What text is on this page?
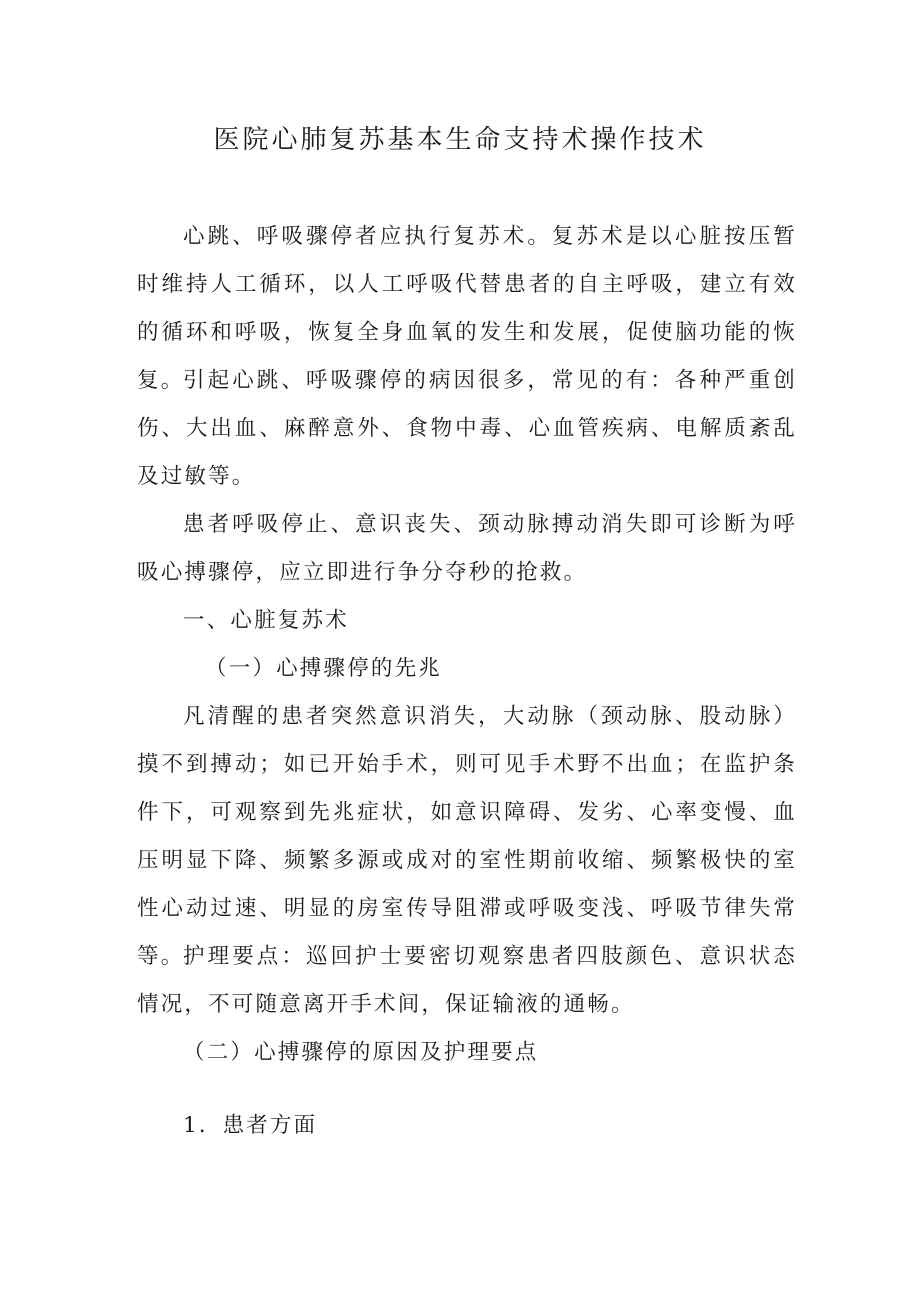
医院心肺复苏基本生命支持术操作技术
心跳、呼吸骤停者应执行复苏术。复苏术是以心脏按压暂时维持人工循环，以人工呼吸代替患者的自主呼吸，建立有效的循环和呼吸，恢复全身血氧的发生和发展，促使脑功能的恢复。
引起心跳、呼吸骤停的病因很多，常见的有：各种严重创伤、大出血、麻醉意外、食物中毒、心血管疾病、电解质紊乱及过敏等。
患者呼吸停止、意识丧失、颈动脉搏动消失即可诊断为呼吸心搏骤停，应立即进行争分夺秒的抢救。
一、心脏复苏术
（一）心搏骤停的先兆
凡清醒的患者突然意识消失，大动脉（颈动脉、股动脉）摸不到搏动；如已开始手术，则可见手术野不出血；在监护条件下，可观察到先兆症状，如意识障碍、发劣、心率变慢、血压明显下降、频繁多源或成对的室性期前收缩、频繁极快的室性心动过速、明显的房室传导阻滞或呼吸变浅、呼吸节律失常等。
护理要点：巡回护士要密切观察患者四肢颜色、意识状态情况，不可随意离开手术间，保证输液的通畅。
（二）心搏骤停的原因及护理要点
1．患者方面
